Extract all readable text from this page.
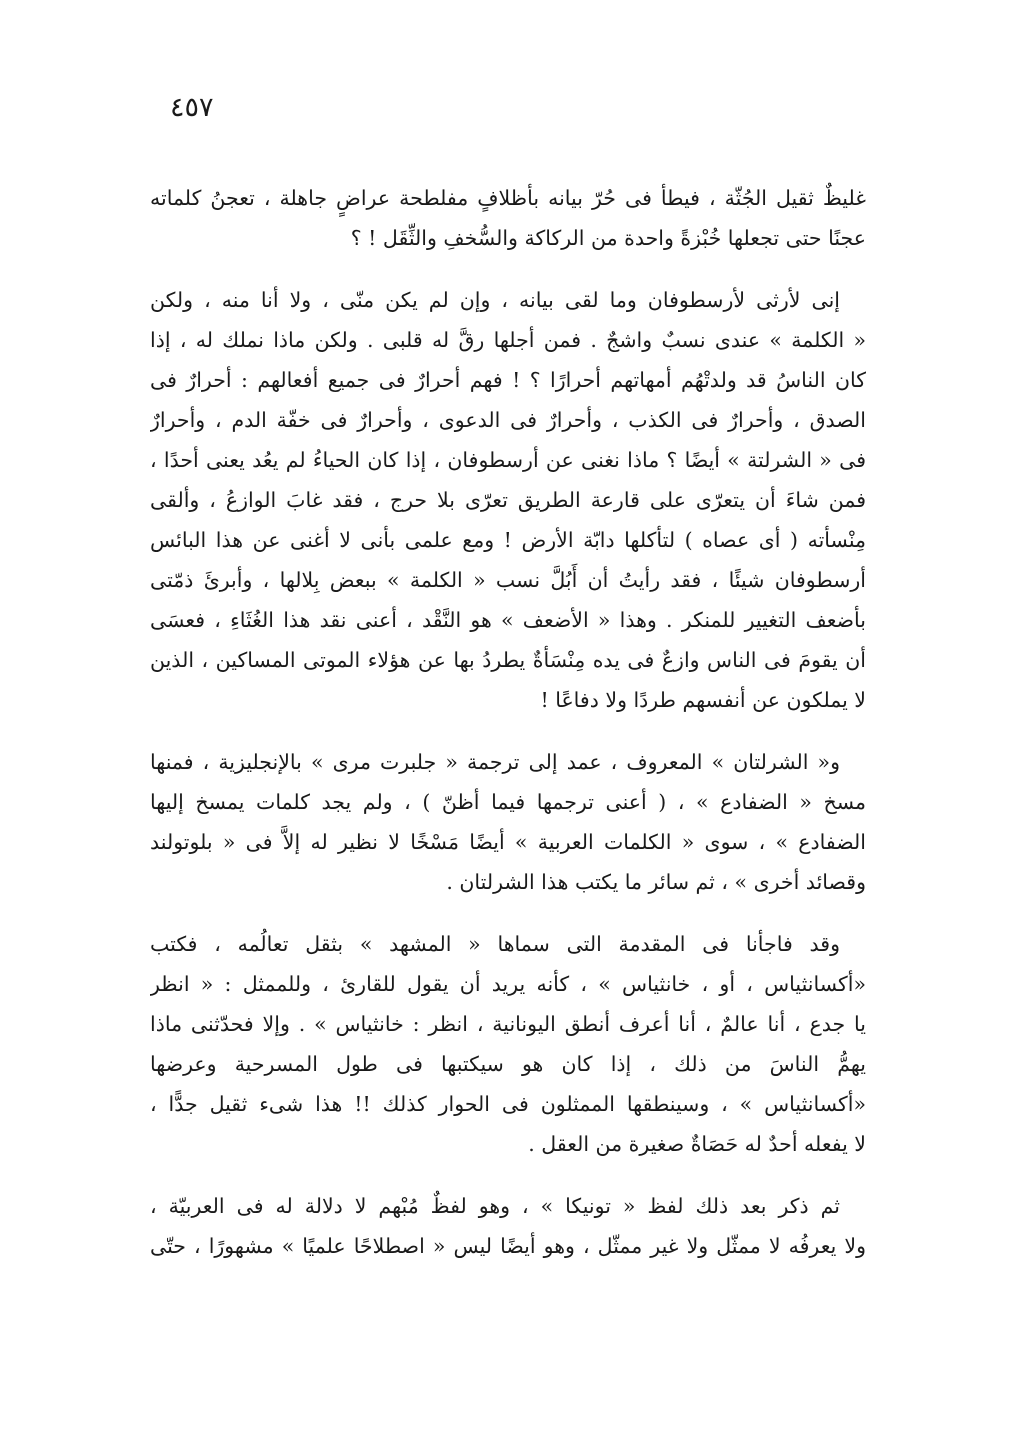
٤٥٧
غليظٌ ثقيل الجُثّة ، فيطأ فى حُرّ بيانه بأظلافٍ مفلطحة عراضٍ جاهلة ، تعجنُ كلماته
عجنًا حتى تجعلها خُبْزةً واحدة من الركاكة والسُّخفِ والثِّقَل ! ؟
إنى لأرثى لأرسطوفان وما لقى بيانه ، وإن لم يكن منّى ، ولا أنا منه ، ولكن
« الكلمة » عندى نسبٌ واشجٌ . فمن أجلها رقَّ له قلبى . ولكن ماذا نملك له ، إذا
كان الناسُ قد ولدتْهُم أمهاتهم أحرارًا ؟ ! فهم أحرارٌ فى جميع أفعالهم : أحرارٌ فى
الصدق ، وأحرارٌ فى الكذب ، وأحرارٌ فى الدعوى ، وأحرارٌ فى خفّة الدم ، وأحرارٌ
فى « الشرلتة » أيضًا ؟ ماذا نغنى عن أرسطوفان ، إذا كان الحياءُ لم يعُد يعنى أحدًا ،
فمن شاءَ أن يتعرّى على قارعة الطريق تعرّى بلا حرج ، فقد غابَ الوازعُ ، وألقى
مِنْسأته ( أى عصاه ) لتأكلها دابّة الأرض ! ومع علمى بأنى لا أغنى عن هذا البائس
أرسطوفان شيئًا ، فقد رأيتُ أن أَبُلَّ نسب « الكلمة » ببعض بِلالها ، وأبرئَ ذمّتى
بأضعف التغيير للمنكر . وهذا « الأضعف » هو النَّقْد ، أعنى نقد هذا الغُثَاءِ ، فعسَى
أن يقومَ فى الناس وازعٌ فى يده مِنْسَأةٌ يطردُ بها عن هؤلاء الموتى المساكين ، الذين
لا يملكون عن أنفسهم طردًا ولا دفاعًا !
و« الشرلتان » المعروف ، عمد إلى ترجمة « جلبرت مرى » بالإنجليزية ، فمنها
مسخ « الضفادع » ، ( أعنى ترجمها فيما أظنّ ) ، ولم يجد كلمات يمسخ إليها
الضفادع » ، سوى « الكلمات العربية » أيضًا مَسْخًا لا نظير له إلاَّ فى « بلوتولند
وقصائد أخرى » ، ثم سائر ما يكتب هذا الشرلتان .
وقد فاجأنا فى المقدمة التى سماها « المشهد » بثقل تعالُمه ، فكتب
«أكسانثياس ، أو ، خانثياس » ، كأنه يريد أن يقول للقارئ ، وللممثل : « انظر
يا جدع ، أنا عالمٌ ، أنا أعرف أنطق اليونانية ، انظر : خانثياس » . وإلا فحدّثنى ماذا
يهمُّ الناسَ من ذلك ، إذا كان هو سيكتبها فى طول المسرحية وعرضها
«أكسانثياس » ، وسينطقها الممثلون فى الحوار كذلك !! هذا شىء ثقيل جدًّا ،
لا يفعله أحدٌ له حَصَاةٌ صغيرة من العقل .
ثم ذكر بعد ذلك لفظ « تونيكا » ، وهو لفظٌ مُبْهم لا دلالة له فى العربيّة ،
ولا يعرفُه لا ممثّل ولا غير ممثّل ، وهو أيضًا ليس « اصطلاحًا علميًا » مشهورًا ، حتّى
